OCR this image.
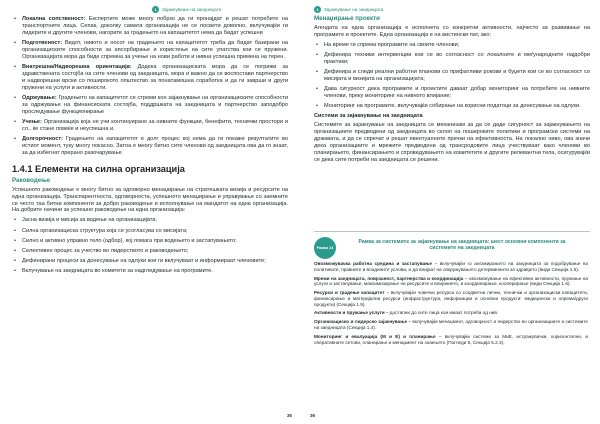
1	Зајакнување на заедницата
• Локална сопственост: Експертите може многу побрзо да ги пронајдат и решат потребите на транспортните лица. Сепак, доколку самата организација не се посвети доволно, вклучувајќи ги лидерите и другите членови, нагорите за градењето на капацитетот нема да бидат успешни
• Подготвеност: Видот, нивото и носот на градењето на капацитетот треба да бидат базирани на организациските способности за апсорбирање и користење на сите упатства кои се пружени. Организацијата мора да биде спремна за учење на нови работи и нивна успешна примена на терен.
• Внатрешна/Надворешна ориентација: Додека организациската мора да се погрижи за здравствената состојба на сите членови од заедницата, мора и важно да се воспостави партнерство и надворешни врски со поширокото општество за понатамошна соработка и да ги заврши и други пружени на услуги и активности.
• Одржување: Градењето на капацитетот се стреми кон зајакнување на организациските способности за одржување на финансиската состојба, поддршката на заедницата и партнерство заподобро проследување функционирање
• Учење: Организација која не учи континуирано за нивните функции, бенефити, технички простори и сл., ќе стане повеќе и неуспешна и.
• Долгорочност: Градењето на капацитетот е долг процес кој нема да ги покаже резултатите во истиот момент, туку многу покасно. Затоа е многу битно сите членови од заедницата ова да го знаат, за да избегнат прерано разочарување
1.4.1 Елементи на силна организација
Раководење

Успешното раководење е многу битно за одговорно менаџирање на стратешката визија и ресурсите на една организација. Транспарентноста, одговорноста, успешното менаџирање и управување со заемните се често таа битни компоненти за добро раководење и исполнување на мандатот на една организација. На добрите начини за успешно раководење на една организација:

• Јасна визија и мисија за водење на организацијата;
• Силна организациска структура која се усогласува со мисијата;
• Силно и активно управно тело (одбор), кој помага при водењето и застапувањето;
• Селективен процес за учество во лидерството и раководењето;
• Дефинирани процеси за донесување на одлуки кои ги вклучуваат и информираат членовите;
• Вклучување на заедницата во комитети за надгледување на програмите.
35
1	Зајакнување на заедницата
Менаџирање проекти

Агендата на една организација е исполнета со конкретни активности, најчесто за развивање на програмите и проектите. Една организација е на вистински пат, ако:

• На време ги спрема програмите на своите членови;
• Дефинира техники интервенции кои се во согласност со локалните и меѓународните најдобри практики;
• Дефинира и следи реални работни планови со прифатливи рокови и буџети кои се во согласност со мисијата и визијата на организацијата;
• Дава сигурност дека програмите и проектите даваат добар мониторинг на потребите на нивните членови, преку мониторинг на нивното влијание;
• Мониторинг на програмите, вклучувајќи собирање на корисни податоци за донесување на одлуки.
Системи за зајакнување на заедницата

Системите за зајакнување на заедницата се механизам за да се даде сигурност за зајакнувањето на организациите предводени од заедницата во склоп на пошироките политики и програмски системи на државата, и да се спречат и решат евентуалните пречки на ефективноста. На локално ниво, ова значи дека организациите и мрежите предводени од трансродовите лица учествуваат како членови во планирањето, финансирањето и спроведувањето на комитетите и другите релевантни тела, осигурувајќи се дека сите потреби на заедницата се решени.

Рамка 14
Рамка за системите за зајакнување на заедницата: шест основни компоненти за системите на заедницата

Овозможувачка работна средина и застапување – вклучувајќи го ангажирањето на заедницата за подобрување на политиките, правните и владините услови, и да влијаат на опкружувањето детерминанти за здравјето (види Секција 1.5).

Мрежи на заедницата, поврзаност, партнерства и координација – овозможување на ефективни активности, пружање на услуги и застапување, максимизирање на ресурсите и влијанието, и координирање, кооперирање (види Секција 1.6).

Ресурси и градење капацитет – вклучувајќи човечки ресурси со соодветни лични, технички и организациски капацитети, финансирање и материјални ресурси (инфраструктура, информации и основни продукти: медицински и опрема/други продукти) (Секција 1.9).

Активности и пружање услуги – достапни до сите лица кои имаат потреба од нив.

Организациско и лидерско зајакнување – вклучувајќи менаџмент, одговорност и лидерство во организациите и системите на заедницата (Секција 1.4).

Мониторинг и евалуација (М и Е) и планирање – вклучувајќи системи за МиЕ, истражувачки, хоризонтални, и оперативните сетови, планирање и менаџмент на знаењето (Погледи 5, Секција 5.2.3).

36
